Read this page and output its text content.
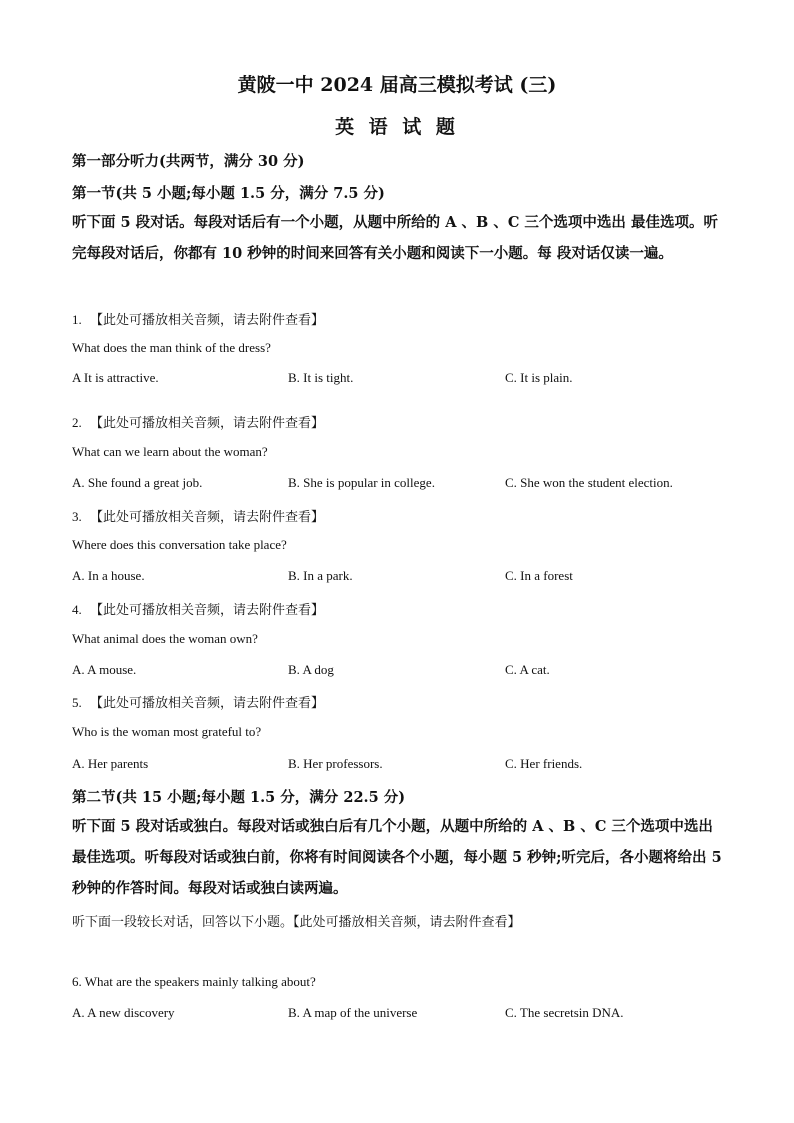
黄陂一中 2024 届高三模拟考试 (三)
英 语 试 题
第一部分听力(共两节，满分 30 分)
第一节(共 5 小题;每小题 1.5 分，满分 7.5 分)
听下面 5 段对话。每段对话后有一个小题，从题中所给的 A 、B 、C 三个选项中选出 最佳选项。听完每段对话后，你都有 10 秒钟的时间来回答有关小题和阅读下一小题。每 段对话仅读一遍。
1. 【此处可播放相关音频，请去附件查看】
What does the man think of the dress?
A It is attractive.	B. It is tight.	C. It is plain.
2. 【此处可播放相关音频，请去附件查看】
What can we learn about the woman?
A. She found a great job.	B. She is popular in college.	C. She won the student election.
3. 【此处可播放相关音频，请去附件查看】
Where does this conversation take place?
A. In a house.	B. In a park.	C. In a forest
4. 【此处可播放相关音频，请去附件查看】
What animal does the woman own?
A. A mouse.	B. A dog	C. A cat.
5. 【此处可播放相关音频，请去附件查看】
Who is the woman most grateful to?
A. Her parents	B. Her professors.	C. Her friends.
第二节(共 15 小题;每小题 1.5 分，满分 22.5 分)
听下面 5 段对话或独白。每段对话或独白后有几个小题，从题中所给的 A 、B 、C 三个选项中选出最佳选项。听每段对话或独白前，你将有时间阅读各个小题，每小题 5 秒钟;听完后，各小题将给出 5 秒钟的作答时间。每段对话或独白读两遍。
听下面一段较长对话，回答以下小题。【此处可播放相关音频，请去附件查看】
6. What are the speakers mainly talking about?
A. A new discovery	B. A map of the universe	C. The secretsin DNA.
